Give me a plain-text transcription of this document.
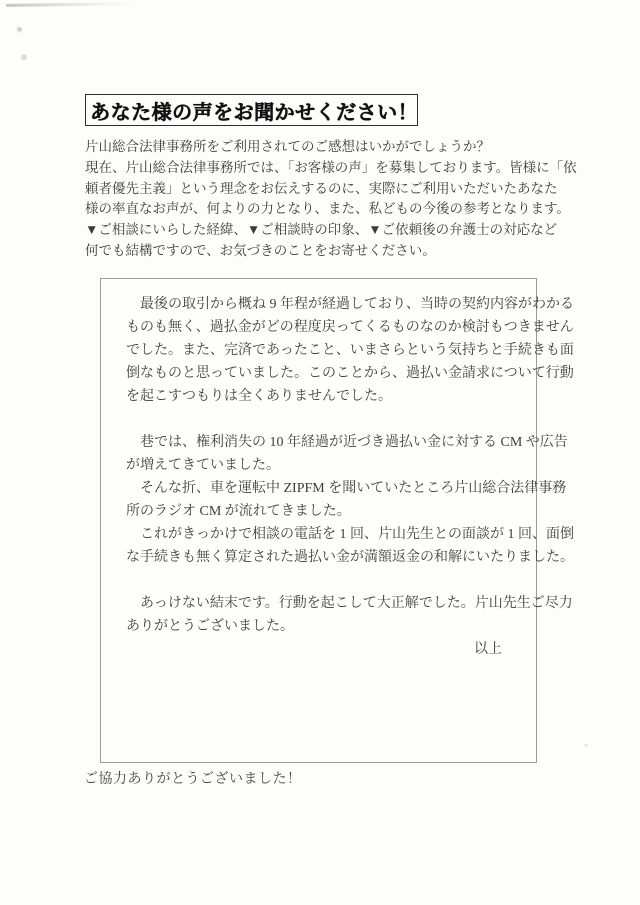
あなた様の声をお聞かせください！
片山総合法律事務所をご利用されてのご感想はいかがでしょうか？
現在、片山総合法律事務所では、「お客様の声」を募集しております。皆様に「依
頼者優先主義」という理念をお伝えするのに、実際にご利用いただいたあなた
様の率直なお声が、何よりの力となり、また、私どもの今後の参考となります。
▼ご相談にいらした経緯、▼ご相談時の印象、▼ご依頼後の弁護士の対応など
何でも結構ですので、お気づきのことをお寄せください。
　最後の取引から概ね 9 年程が経過しており、当時の契約内容がわかる
ものも無く、過払金がどの程度戻ってくるものなのか検討もつきません
でした。また、完済であったこと、いまさらという気持ちと手続きも面
倒なものと思っていました。このことから、過払い金請求について行動
を起こすつもりは全くありませんでした。
　巷では、権利消失の 10 年経過が近づき過払い金に対する CM や広告
が増えてきていました。
　そんな折、車を運転中 ZIPFM を聞いていたところ片山総合法律事務
所のラジオ CM が流れてきました。
　これがきっかけで相談の電話を 1 回、片山先生との面談が 1 回、面倒
な手続きも無く算定された過払い金が満額返金の和解にいたりました。
　あっけない結末です。行動を起こして大正解でした。片山先生ご尽力
ありがとうございました。
以上
ご協力ありがとうございました！
